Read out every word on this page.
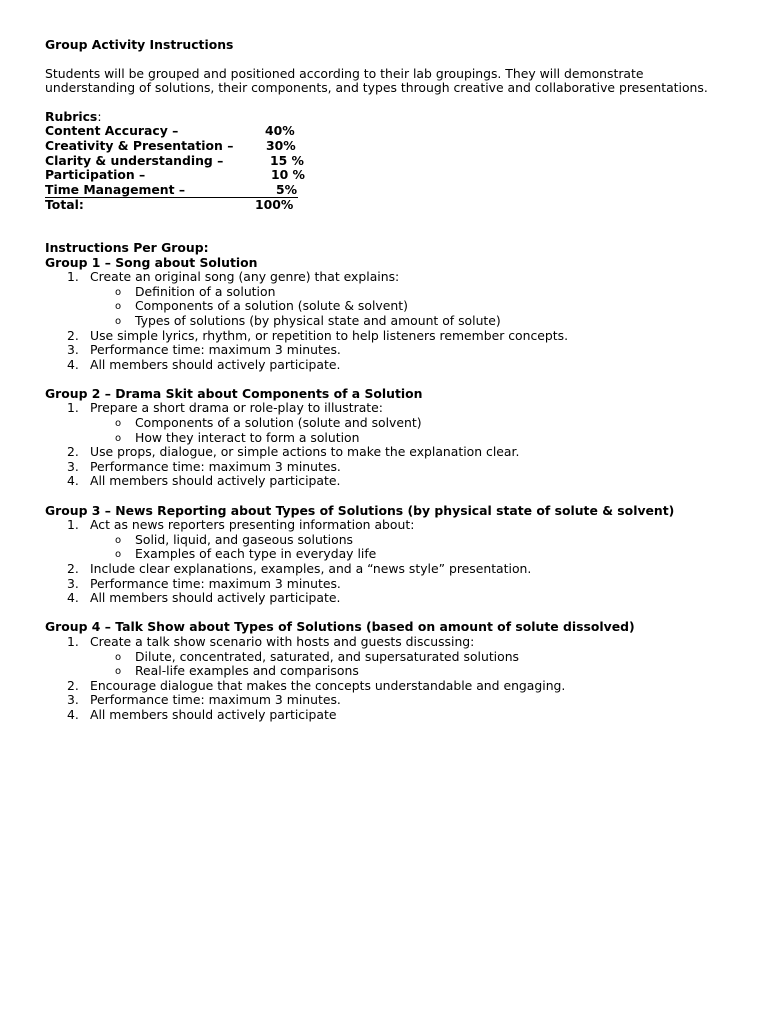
Group Activity Instructions
Students will be grouped and positioned according to their lab groupings. They will demonstrate understanding of solutions, their components, and types through creative and collaborative presentations.
Rubrics:
Content Accuracy –	40%
Creativity & Presentation –	30%
Clarity & understanding –	15 %
Participation –	10 %
Time Management –	5%
Total:	100%
Instructions Per Group:
Group 1 – Song about Solution
1. Create an original song (any genre) that explains:
o Definition of a solution
o Components of a solution (solute & solvent)
o Types of solutions (by physical state and amount of solute)
2. Use simple lyrics, rhythm, or repetition to help listeners remember concepts.
3. Performance time: maximum 3 minutes.
4. All members should actively participate.
Group 2 – Drama Skit about Components of a Solution
1. Prepare a short drama or role-play to illustrate:
o Components of a solution (solute and solvent)
o How they interact to form a solution
2. Use props, dialogue, or simple actions to make the explanation clear.
3. Performance time: maximum 3 minutes.
4. All members should actively participate.
Group 3 – News Reporting about Types of Solutions (by physical state of solute & solvent)
1. Act as news reporters presenting information about:
o Solid, liquid, and gaseous solutions
o Examples of each type in everyday life
2. Include clear explanations, examples, and a “news style” presentation.
3. Performance time: maximum 3 minutes.
4. All members should actively participate.
Group 4 – Talk Show about Types of Solutions (based on amount of solute dissolved)
1. Create a talk show scenario with hosts and guests discussing:
o Dilute, concentrated, saturated, and supersaturated solutions
o Real-life examples and comparisons
2. Encourage dialogue that makes the concepts understandable and engaging.
3. Performance time: maximum 3 minutes.
4. All members should actively participate
